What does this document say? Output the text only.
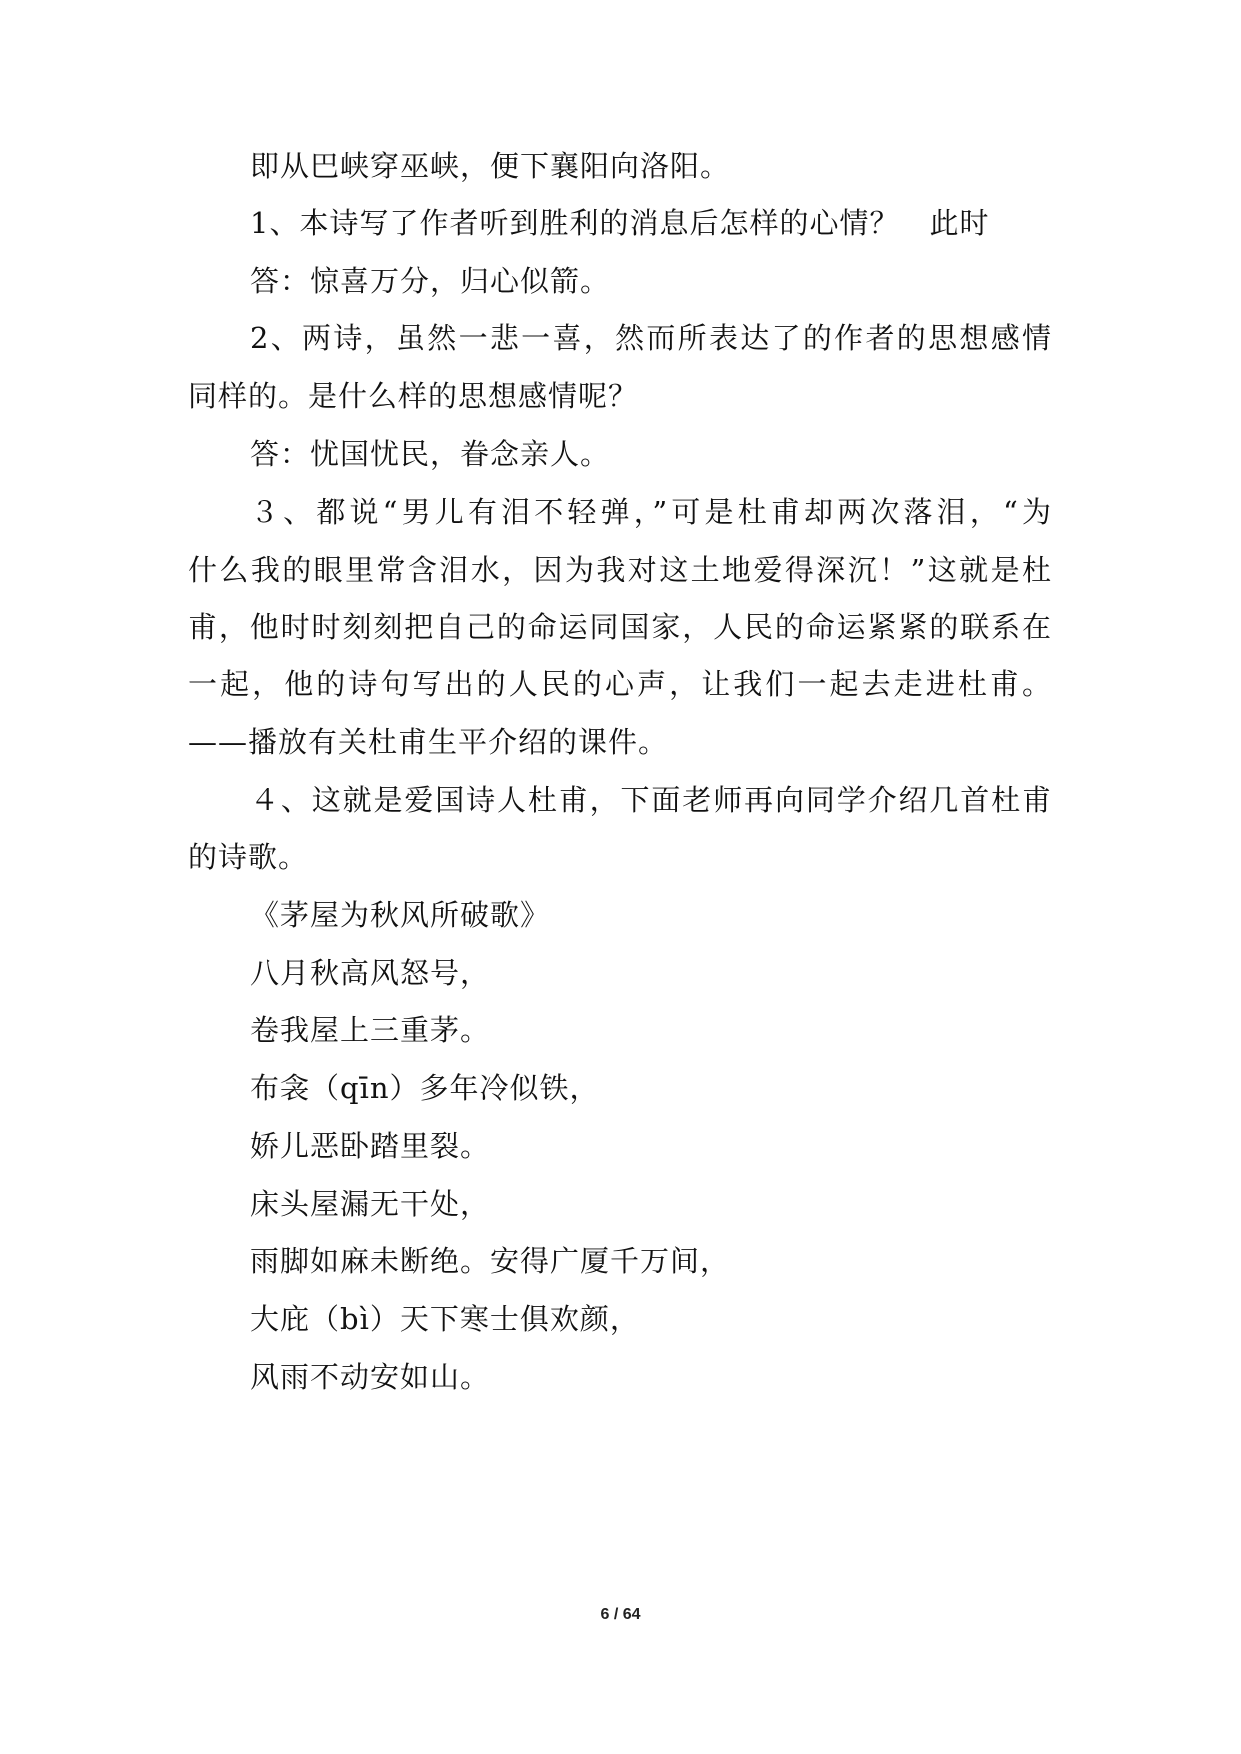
即从巴峡穿巫峡，便下襄阳向洛阳。
1、本诗写了作者听到胜利的消息后怎样的心情？　此时
答：惊喜万分，归心似箭。
2、两诗，虽然一悲一喜，然而所表达了的作者的思想感情
同样的。是什么样的思想感情呢？
答：忧国忧民，眷念亲人。
３、都说“男儿有泪不轻弹，”可是杜甫却两次落泪，“为
什么我的眼里常含泪水，因为我对这土地爱得深沉！”这就是杜
甫，他时时刻刻把自己的命运同国家，人民的命运紧紧的联系在
一起，他的诗句写出的人民的心声，让我们一起去走进杜甫。
——播放有关杜甫生平介绍的课件。
４、这就是爱国诗人杜甫，下面老师再向同学介绍几首杜甫
的诗歌。
《茅屋为秋风所破歌》
八月秋高风怒号，
卷我屋上三重茅。
布衾（qīn）多年冷似铁，
娇儿恶卧踏里裂。
床头屋漏无干处，
雨脚如麻未断绝。安得广厦千万间，
大庇（bì）天下寒士俱欢颜，
风雨不动安如山。
6 / 64
